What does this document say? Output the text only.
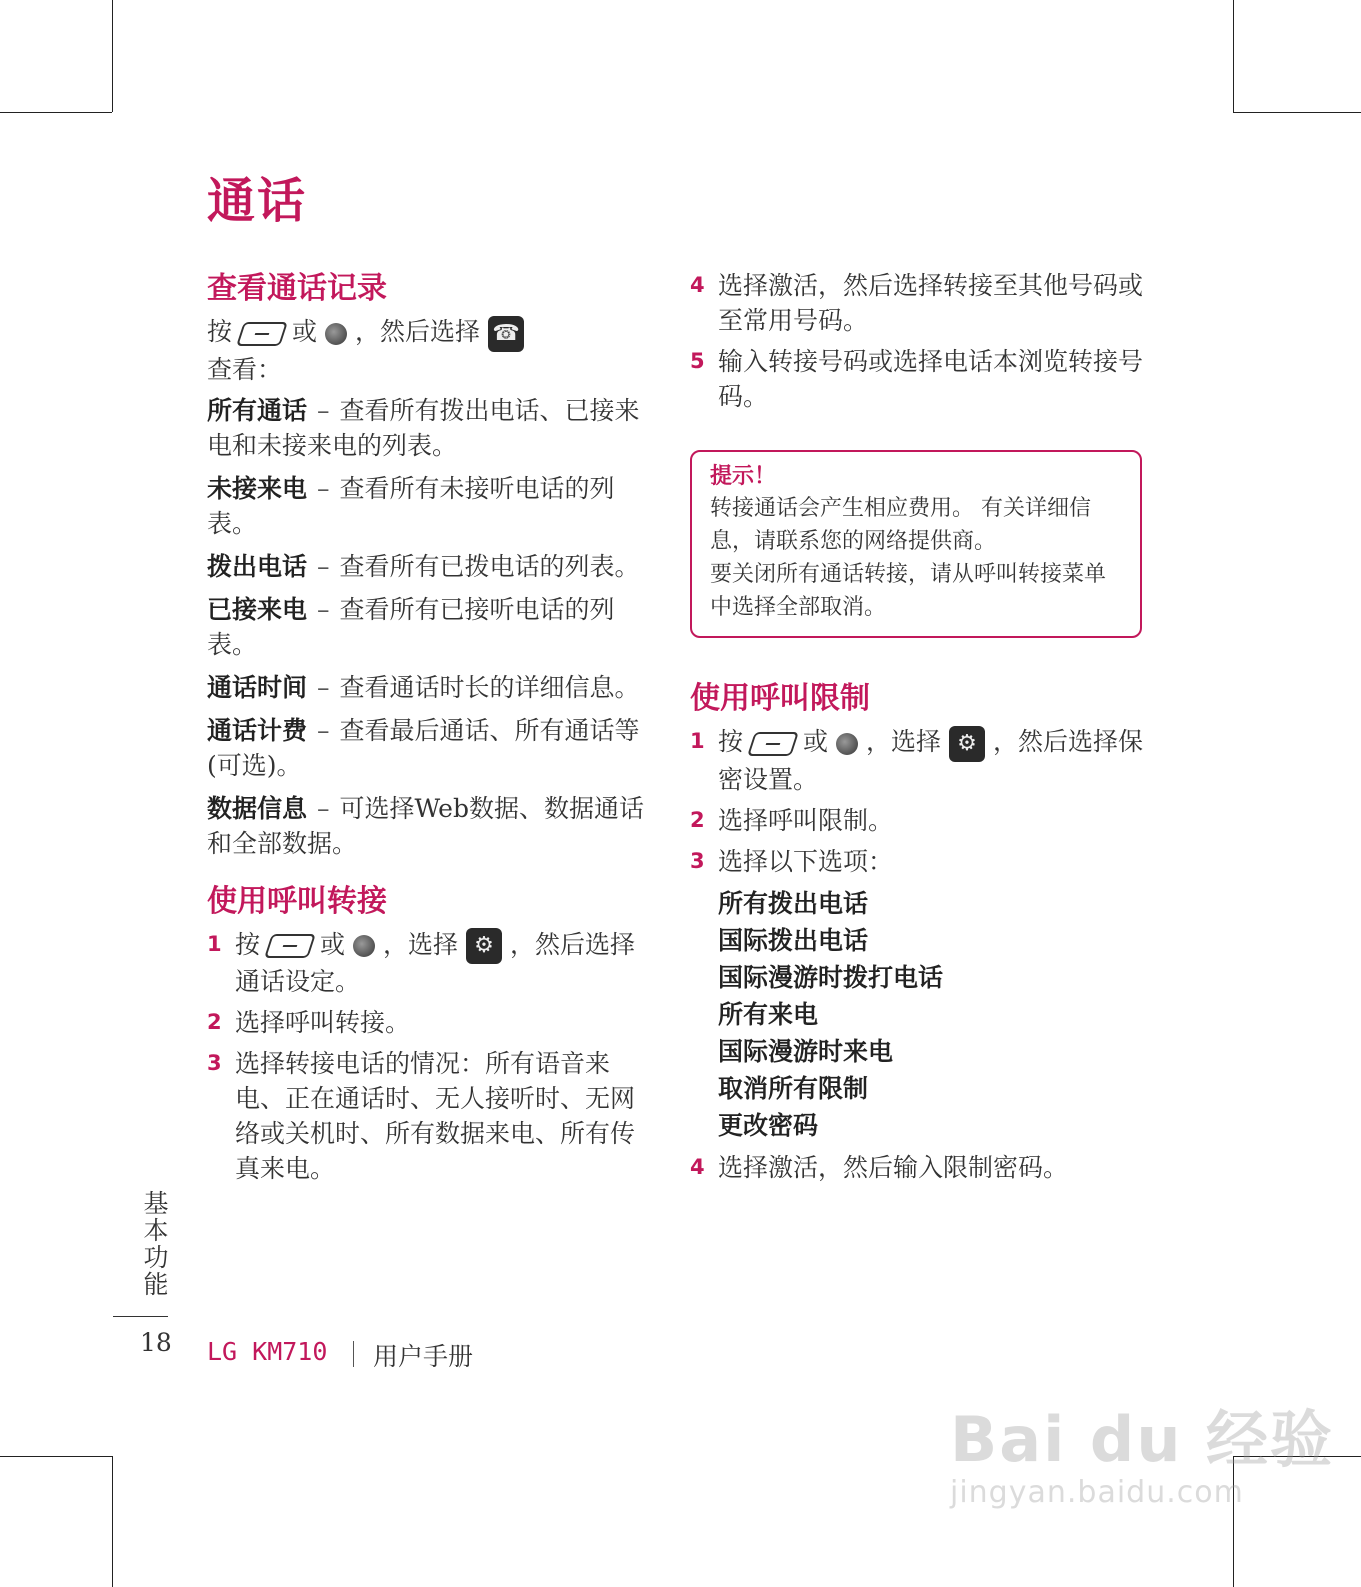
通话
查看通话记录

按 或 ，然后选择 ☎
查看：

所有通话 – 查看所有拨出电话、已接来电和未接来电的列表。

未接来电 – 查看所有未接听电话的列表。

拨出电话 – 查看所有已拨电话的列表。

已接来电 – 查看所有已接听电话的列表。

通话时间 – 查看通话时长的详细信息。

通话计费 – 查看最后通话、所有通话等(可选)。

数据信息 – 可选择Web数据、数据通话和全部数据。

使用呼叫转接
1 按 或 ，选择 ⚙ ，然后选择通话设定。
2 选择呼叫转接。
3 选择转接电话的情况：所有语音来电、正在通话时、无人接听时、无网络或关机时、所有数据来电、所有传真来电。
4 选择激活，然后选择转接至其他号码或至常用号码。
5 输入转接号码或选择电话本浏览转接号码。
提示！
转接通话会产生相应费用。 有关详细信息，请联系您的网络提供商。
要关闭所有通话转接，请从呼叫转接菜单中选择全部取消。
使用呼叫限制
1 按 或 ，选择 ⚙ ，然后选择保密设置。
2 选择呼叫限制。
3 选择以下选项：
所有拨出电话
国际拨出电话
国际漫游时拨打电话
所有来电
国际漫游时来电
取消所有限制
更改密码
4 选择激活，然后输入限制密码。
基本功能
18 LG KM710 用户手册
Bai du 经验
jingyan.baidu.com
